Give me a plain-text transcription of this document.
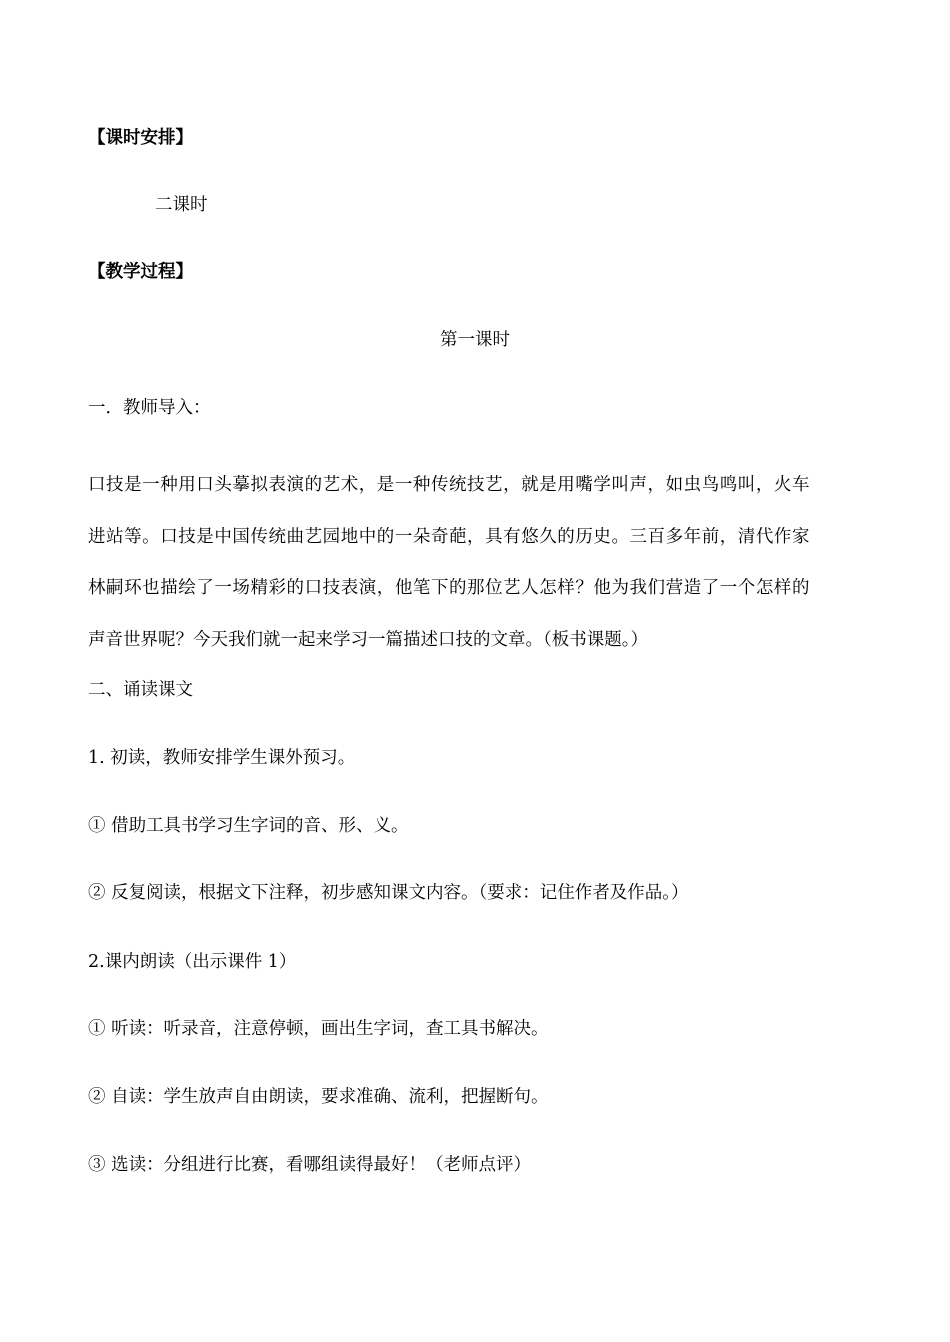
【课时安排】
二课时
【教学过程】
第一课时
一．教师导入：
口技是一种用口头摹拟表演的艺术，是一种传统技艺，就是用嘴学叫声，如虫鸟鸣叫，火车
进站等。口技是中国传统曲艺园地中的一朵奇葩，具有悠久的历史。三百多年前，清代作家
林嗣环也描绘了一场精彩的口技表演，他笔下的那位艺人怎样？他为我们营造了一个怎样的
声音世界呢？今天我们就一起来学习一篇描述口技的文章。（板书课题。）
二、诵读课文
1. 初读，教师安排学生课外预习。
① 借助工具书学习生字词的音、形、义。
② 反复阅读，根据文下注释，初步感知课文内容。（要求：记住作者及作品。）
2.课内朗读（出示课件 1）
① 听读：听录音，注意停顿，画出生字词，查工具书解决。
② 自读：学生放声自由朗读，要求准确、流利，把握断句。
③ 选读：分组进行比赛，看哪组读得最好！（老师点评）
